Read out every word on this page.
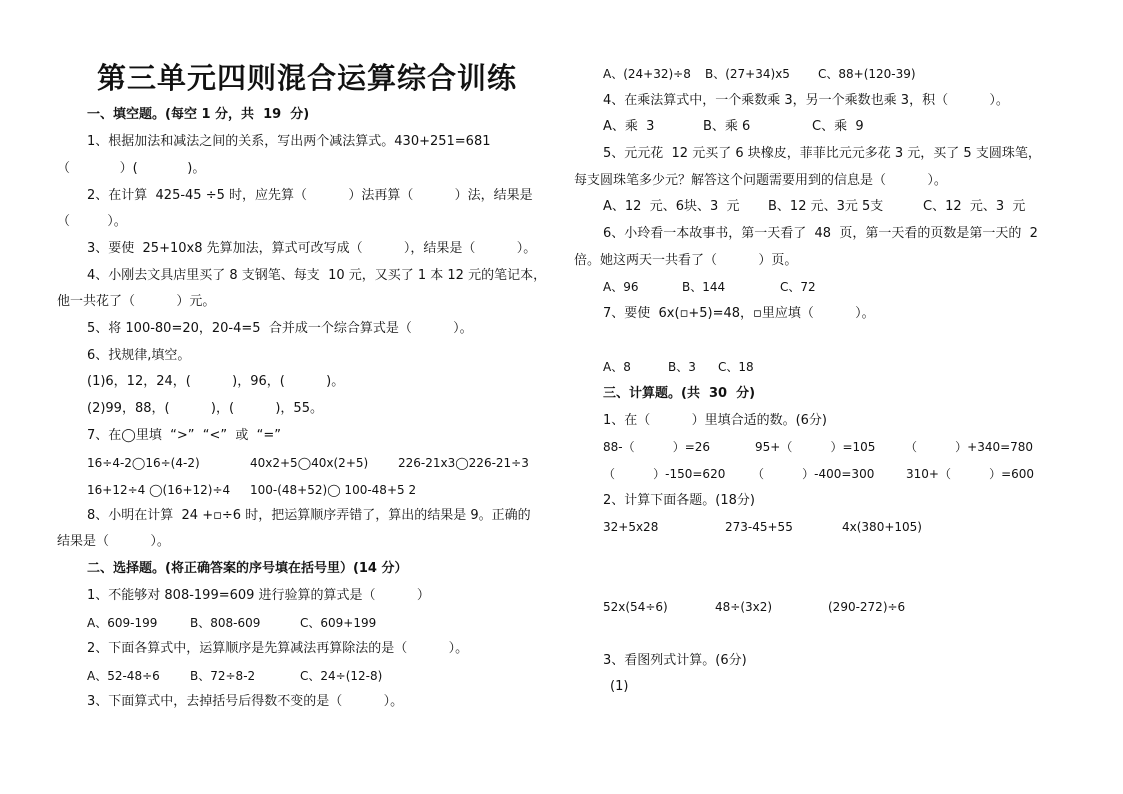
第三单元四则混合运算综合训练
一、填空题。(每空 1 分，共  19  分)
1、根据加法和减法之间的关系，写出两个减法算式。430+251=681
（            ）(            )。
2、在计算  425-45 ÷5 时，应先算（          ）法再算（          ）法，结果是
（         ）。
3、要使  25+10x8 先算加法，算式可改写成（          ），结果是（          ）。
4、小刚去文具店里买了 8 支钢笔、每支  10 元，又买了 1 本 12 元的笔记本，
他一共花了（          ）元。
5、将 100-80=20，20-4=5  合并成一个综合算式是（          ）。
6、找规律,填空。
(1)6，12，24，(          )，96，(          )。
(2)99，88，(          )，(          )，55。
7、在◯里填  “>”  “<”  或  “=”
16÷4-2◯16÷(4-2)	40x2+5◯40x(2+5) 226-21x3◯226-21÷3
16+12÷4 ◯(16+12)÷4 100-(48+52)◯ 100-48+5 2
8、小明在计算  24 +▫÷6 时，把运算顺序弄错了，算出的结果是 9。正确的
结果是（          ）。
二、选择题。(将正确答案的序号填在括号里）(14 分）
1、不能够对 808-199=609 进行验算的算式是（          ）
A、609-199	B、808-609	C、609+199
2、下面各算式中，运算顺序是先算减法再算除法的是（          ）。
A、52-48÷6	B、72÷8-2	C、24÷(12-8)
3、下面算式中，去掉括号后得数不变的是（          ）。
A、(24+32)÷8 B、(27+34)x5 C、88+(120-39)
4、在乘法算式中，一个乘数乘 3，另一个乘数也乘 3，积（          ）。
A、乘  3	B、乘 6	C、乘  9
5、元元花  12 元买了 6 块橡皮，菲菲比元元多花 3 元，买了 5 支圆珠笔，
每支圆珠笔多少元？解答这个问题需要用到的信息是（          ）。
A、12  元、6块、3  元 B、12 元、3元 5支	C、12  元、3  元
6、小玲看一本故事书，第一天看了  48  页，第一天看的页数是第一天的  2
倍。她这两天一共看了（          ）页。
A、96	B、144	C、72
7、要使  6x(▫+5)=48，▫里应填（          ）。
A、8	B、3 C、18
三、计算题。(共  30  分)
1、在（          ）里填合适的数。(6分)
88-（          ）=26	95+（          ）=105 （          ）+340=780
（          ）-150=620 （          ）-400=300	310+（          ）=600
2、计算下面各题。(18分)
32+5x28	273-45+55	4x(380+105)
52x(54÷6)	48÷(3x2)	(290-272)÷6
3、看图列式计算。(6分)
(1)
